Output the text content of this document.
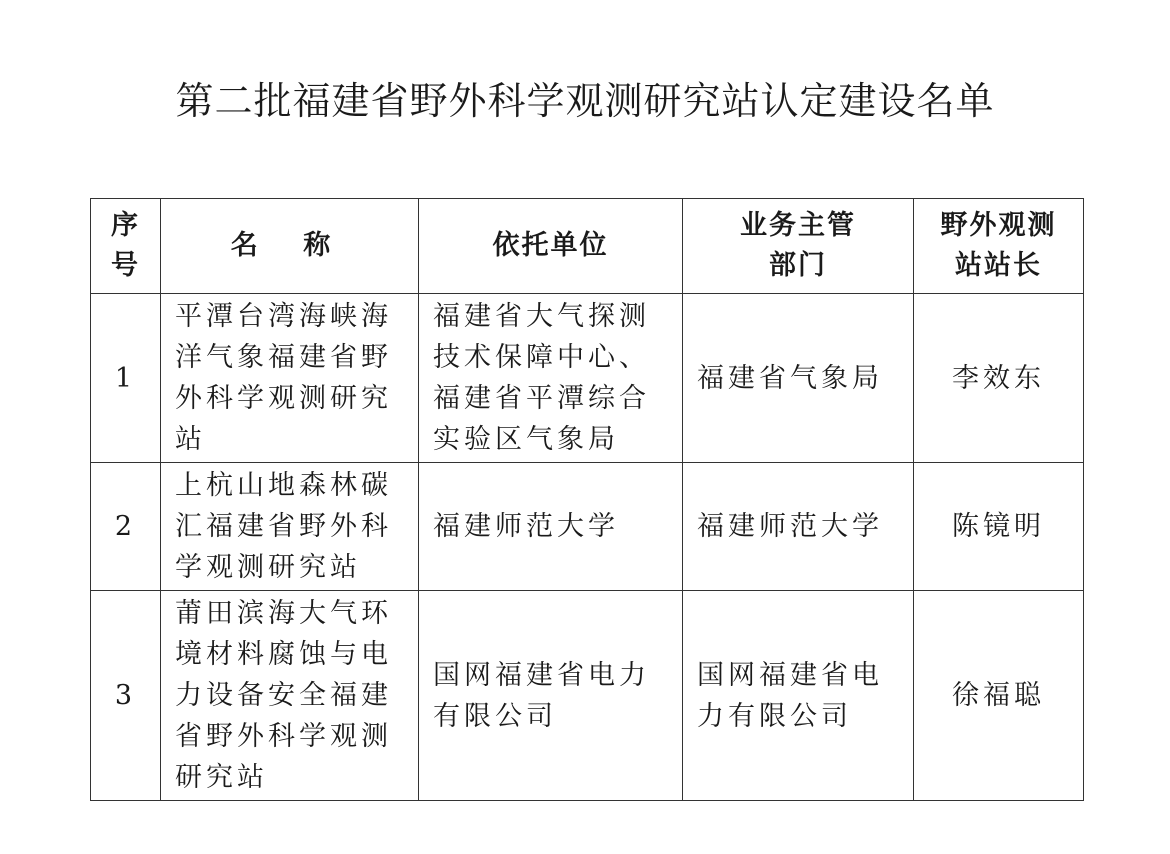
第二批福建省野外科学观测研究站认定建设名单
序号	名 称	依托单位	业务主管部门	野外观测站站长
1	平潭台湾海峡海洋气象福建省野外科学观测研究站	福建省大气探测技术保障中心、福建省平潭综合实验区气象局	福建省气象局	李效东
2	上杭山地森林碳汇福建省野外科学观测研究站	福建师范大学	福建师范大学	陈镜明
3	莆田滨海大气环境材料腐蚀与电力设备安全福建省野外科学观测研究站	国网福建省电力有限公司	国网福建省电力有限公司	徐福聪
